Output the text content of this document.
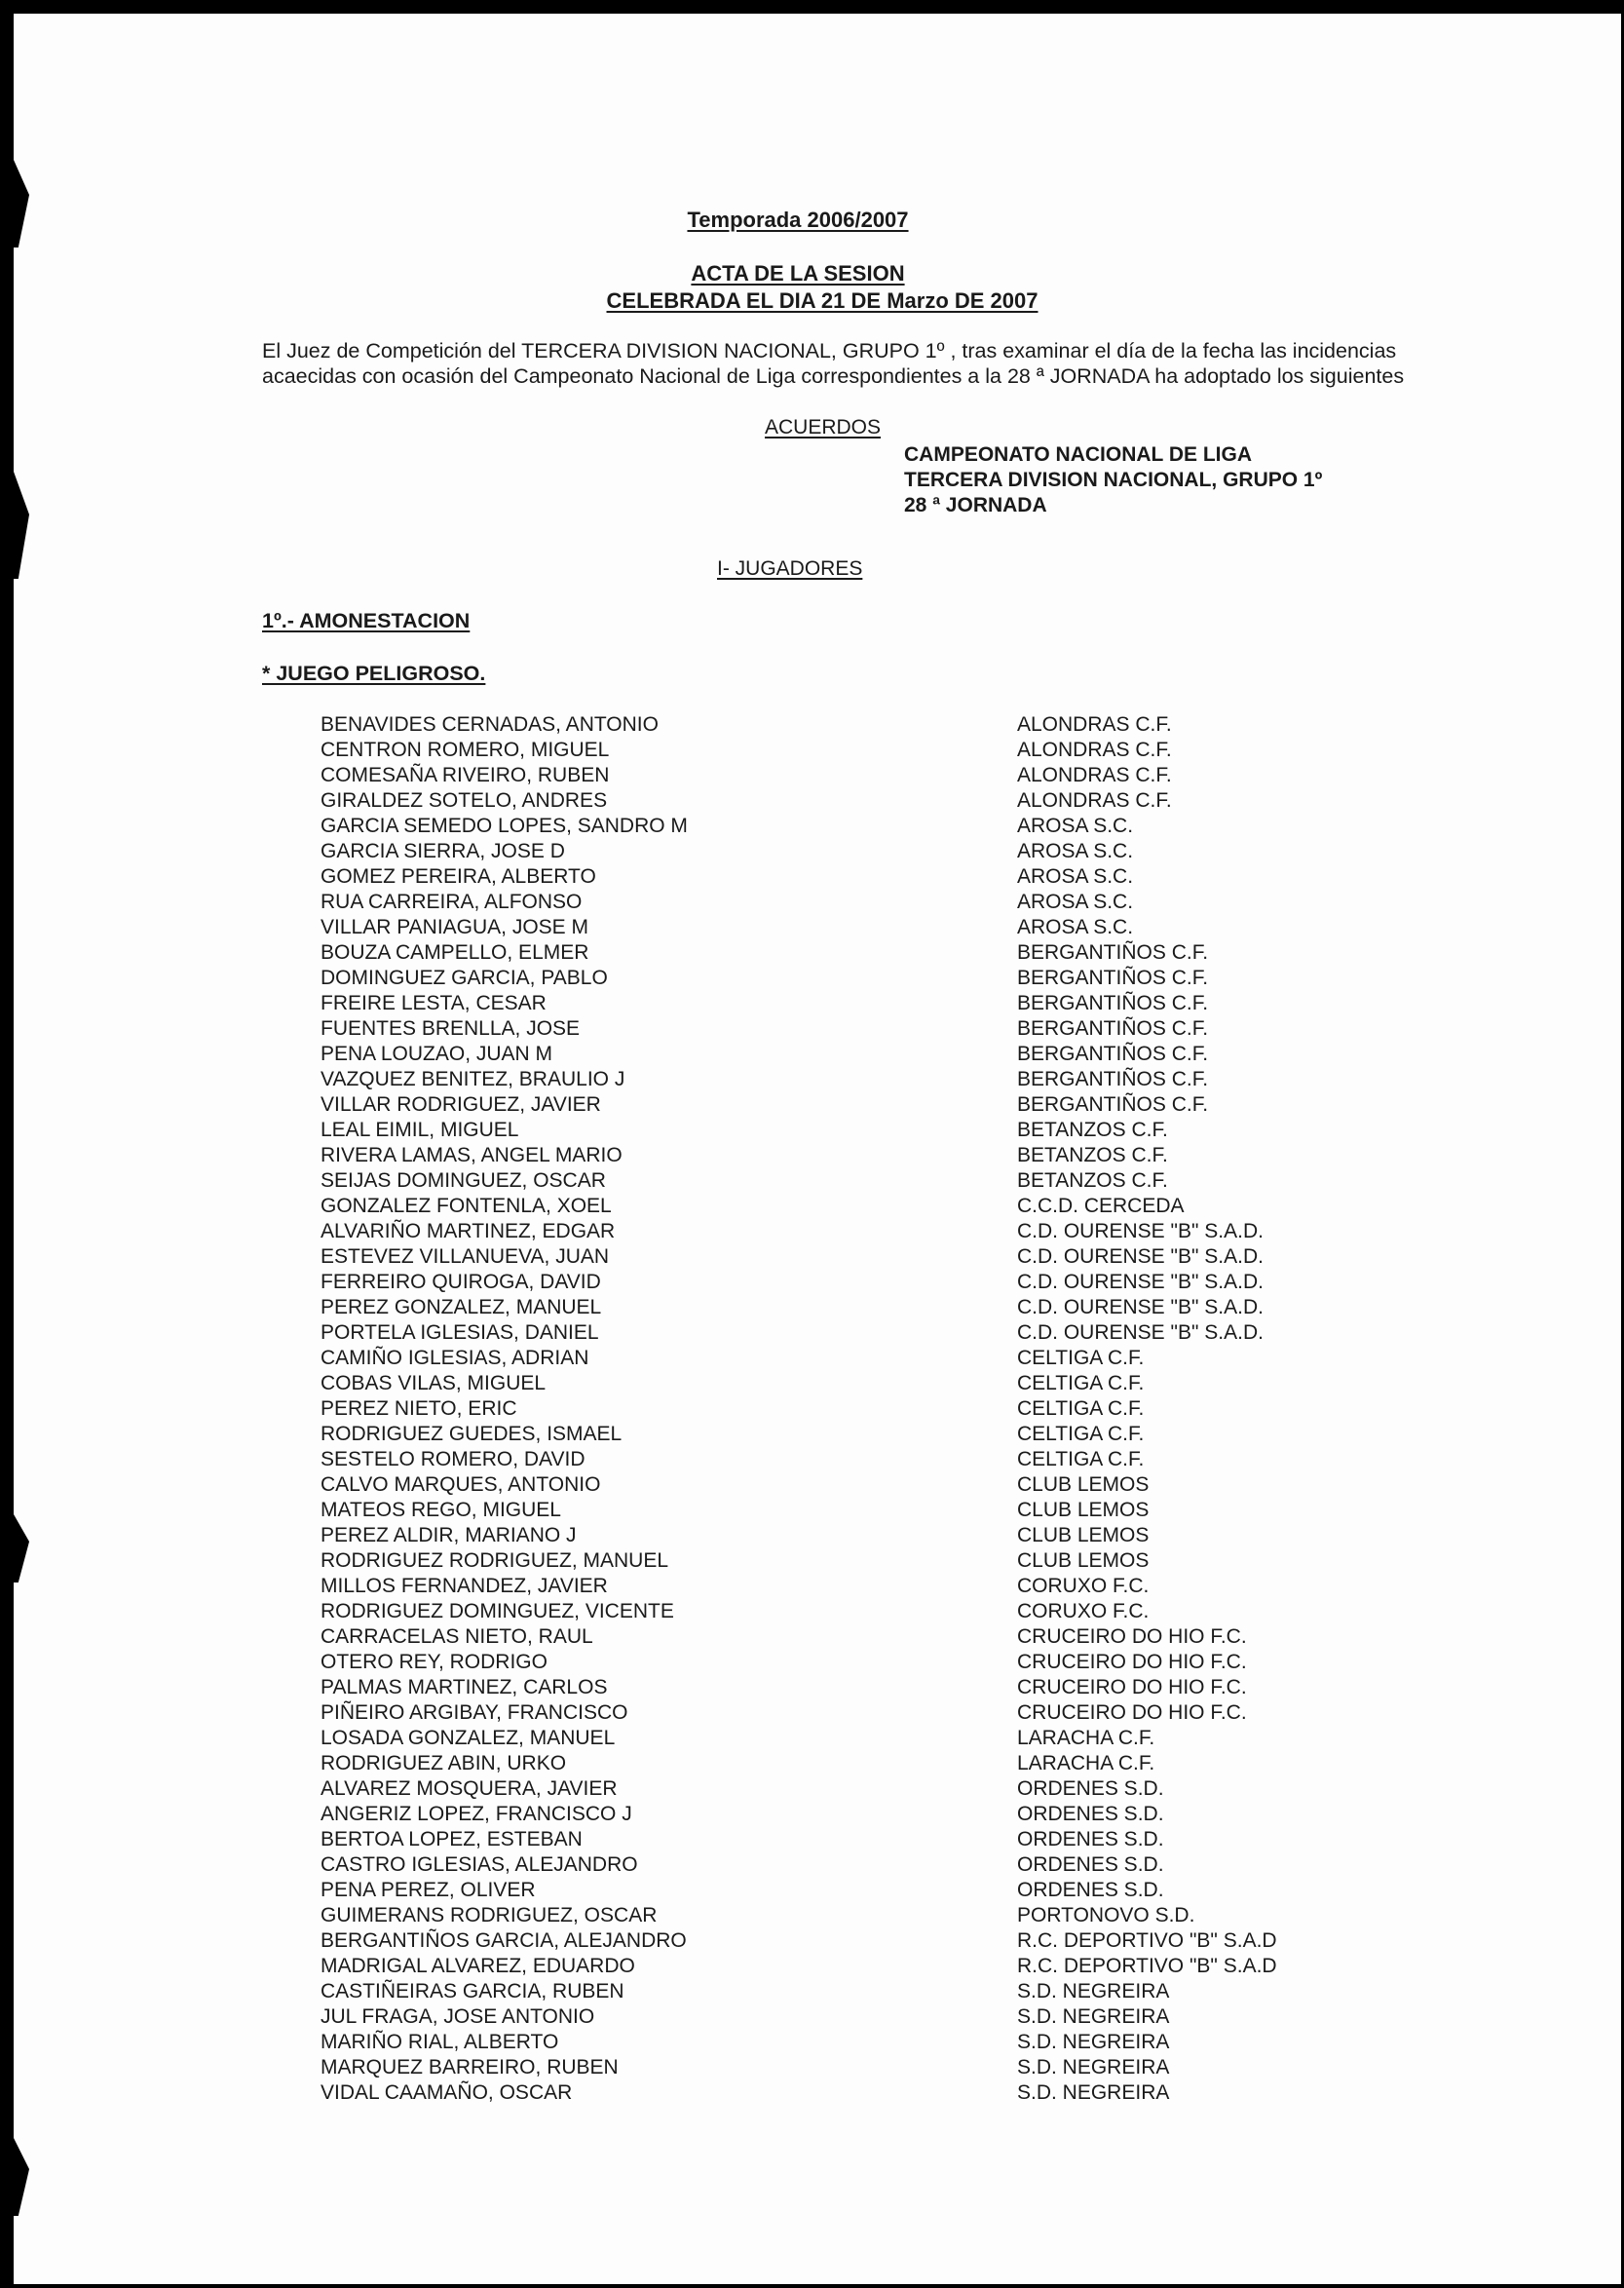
Temporada 2006/2007
ACTA DE LA SESION
CELEBRADA EL DIA 21 DE Marzo DE 2007
El Juez de Competición del TERCERA DIVISION NACIONAL, GRUPO 1º , tras examinar el día de la fecha las incidencias
acaecidas con ocasión del Campeonato Nacional de Liga correspondientes a la 28 ª JORNADA ha adoptado los siguientes
ACUERDOS
CAMPEONATO NACIONAL DE LIGA
TERCERA DIVISION NACIONAL, GRUPO 1º
28 ª JORNADA
I- JUGADORES
1º.- AMONESTACION
* JUEGO PELIGROSO.
BENAVIDES CERNADAS, ANTONIO	ALONDRAS C.F.
CENTRON ROMERO, MIGUEL	ALONDRAS C.F.
COMESAÑA RIVEIRO, RUBEN	ALONDRAS C.F.
GIRALDEZ SOTELO, ANDRES	ALONDRAS C.F.
GARCIA SEMEDO LOPES, SANDRO M	AROSA S.C.
GARCIA SIERRA, JOSE D	AROSA S.C.
GOMEZ PEREIRA, ALBERTO	AROSA S.C.
RUA CARREIRA, ALFONSO	AROSA S.C.
VILLAR PANIAGUA, JOSE M	AROSA S.C.
BOUZA CAMPELLO, ELMER	BERGANTIÑOS C.F.
DOMINGUEZ GARCIA, PABLO	BERGANTIÑOS C.F.
FREIRE LESTA, CESAR	BERGANTIÑOS C.F.
FUENTES BRENLLA, JOSE	BERGANTIÑOS C.F.
PENA LOUZAO, JUAN M	BERGANTIÑOS C.F.
VAZQUEZ BENITEZ, BRAULIO J	BERGANTIÑOS C.F.
VILLAR RODRIGUEZ, JAVIER	BERGANTIÑOS C.F.
LEAL EIMIL, MIGUEL	BETANZOS C.F.
RIVERA LAMAS, ANGEL MARIO	BETANZOS C.F.
SEIJAS DOMINGUEZ, OSCAR	BETANZOS C.F.
GONZALEZ FONTENLA, XOEL	C.C.D. CERCEDA
ALVARIÑO MARTINEZ, EDGAR	C.D. OURENSE "B" S.A.D.
ESTEVEZ VILLANUEVA, JUAN	C.D. OURENSE "B" S.A.D.
FERREIRO QUIROGA, DAVID	C.D. OURENSE "B" S.A.D.
PEREZ GONZALEZ, MANUEL	C.D. OURENSE "B" S.A.D.
PORTELA IGLESIAS, DANIEL	C.D. OURENSE "B" S.A.D.
CAMIÑO IGLESIAS, ADRIAN	CELTIGA C.F.
COBAS VILAS, MIGUEL	CELTIGA C.F.
PEREZ NIETO, ERIC	CELTIGA C.F.
RODRIGUEZ GUEDES, ISMAEL	CELTIGA C.F.
SESTELO ROMERO, DAVID	CELTIGA C.F.
CALVO MARQUES, ANTONIO	CLUB LEMOS
MATEOS REGO, MIGUEL	CLUB LEMOS
PEREZ ALDIR, MARIANO J	CLUB LEMOS
RODRIGUEZ RODRIGUEZ, MANUEL	CLUB LEMOS
MILLOS FERNANDEZ, JAVIER	CORUXO F.C.
RODRIGUEZ DOMINGUEZ, VICENTE	CORUXO F.C.
CARRACELAS NIETO, RAUL	CRUCEIRO DO HIO F.C.
OTERO REY, RODRIGO	CRUCEIRO DO HIO F.C.
PALMAS MARTINEZ, CARLOS	CRUCEIRO DO HIO F.C.
PIÑEIRO ARGIBAY, FRANCISCO	CRUCEIRO DO HIO F.C.
LOSADA GONZALEZ, MANUEL	LARACHA C.F.
RODRIGUEZ ABIN, URKO	LARACHA C.F.
ALVAREZ MOSQUERA, JAVIER	ORDENES S.D.
ANGERIZ LOPEZ, FRANCISCO J	ORDENES S.D.
BERTOA LOPEZ, ESTEBAN	ORDENES S.D.
CASTRO IGLESIAS, ALEJANDRO	ORDENES S.D.
PENA PEREZ, OLIVER	ORDENES S.D.
GUIMERANS RODRIGUEZ, OSCAR	PORTONOVO S.D.
BERGANTIÑOS GARCIA, ALEJANDRO	R.C. DEPORTIVO "B" S.A.D
MADRIGAL ALVAREZ, EDUARDO	R.C. DEPORTIVO "B" S.A.D
CASTIÑEIRAS GARCIA, RUBEN	S.D. NEGREIRA
JUL FRAGA, JOSE ANTONIO	S.D. NEGREIRA
MARIÑO RIAL, ALBERTO	S.D. NEGREIRA
MARQUEZ BARREIRO, RUBEN	S.D. NEGREIRA
VIDAL CAAMAÑO, OSCAR	S.D. NEGREIRA
